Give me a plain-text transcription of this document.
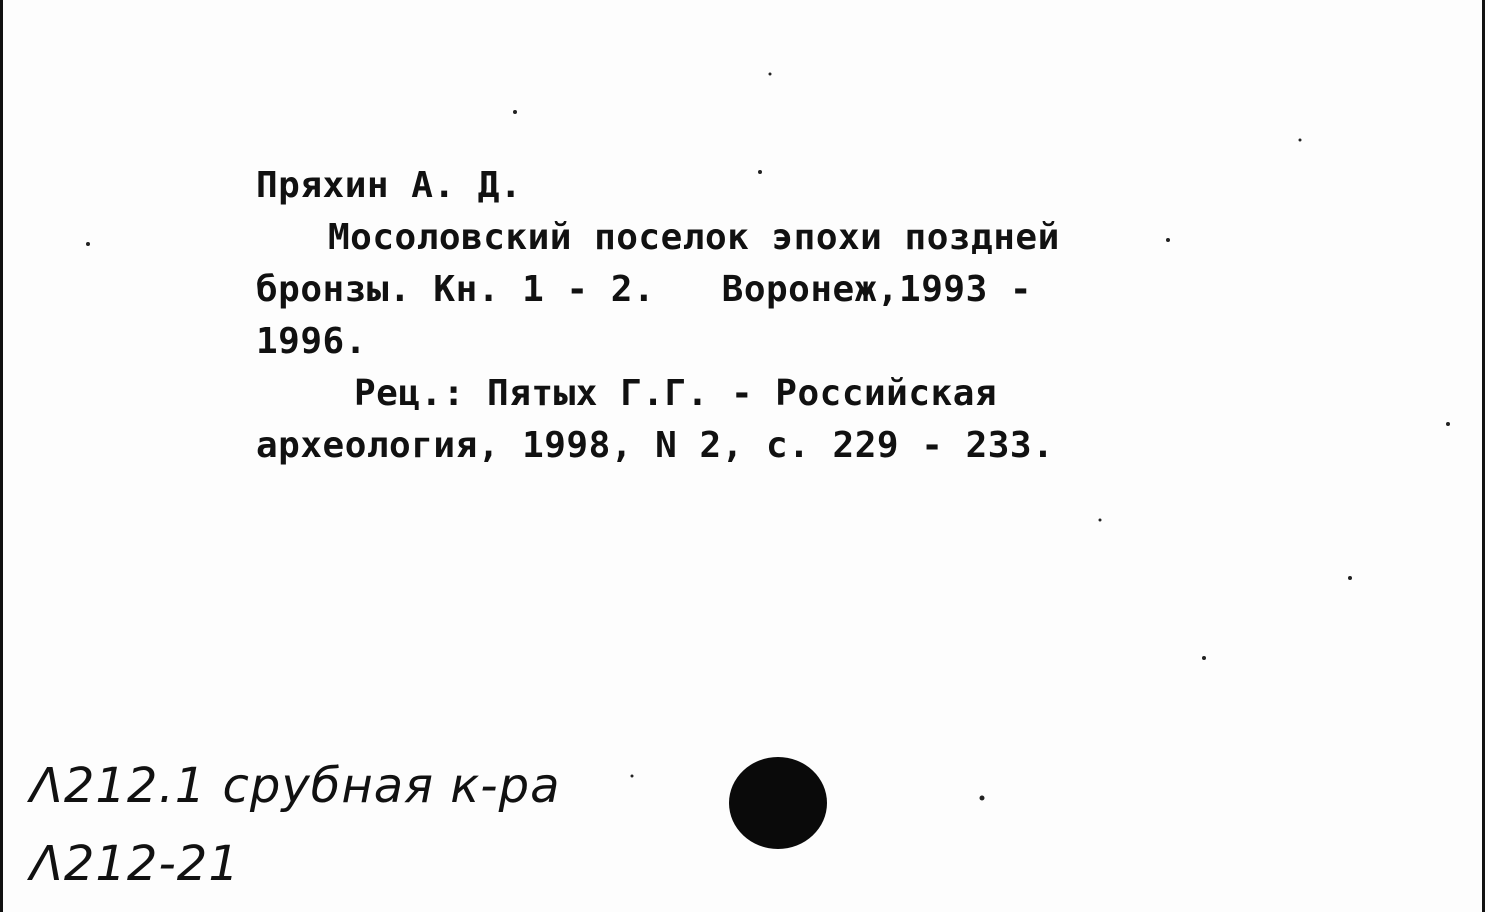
Пряхин А. Д.
Мосоловский поселок эпохи поздней
бронзы. Кн. 1 - 2.   Воронеж,1993 -
1996.
Рец.: Пятых Г.Г. - Российская
археология, 1998, N 2, с. 229 - 233.
Λ212.1 срубная к-ра
Λ212-21
